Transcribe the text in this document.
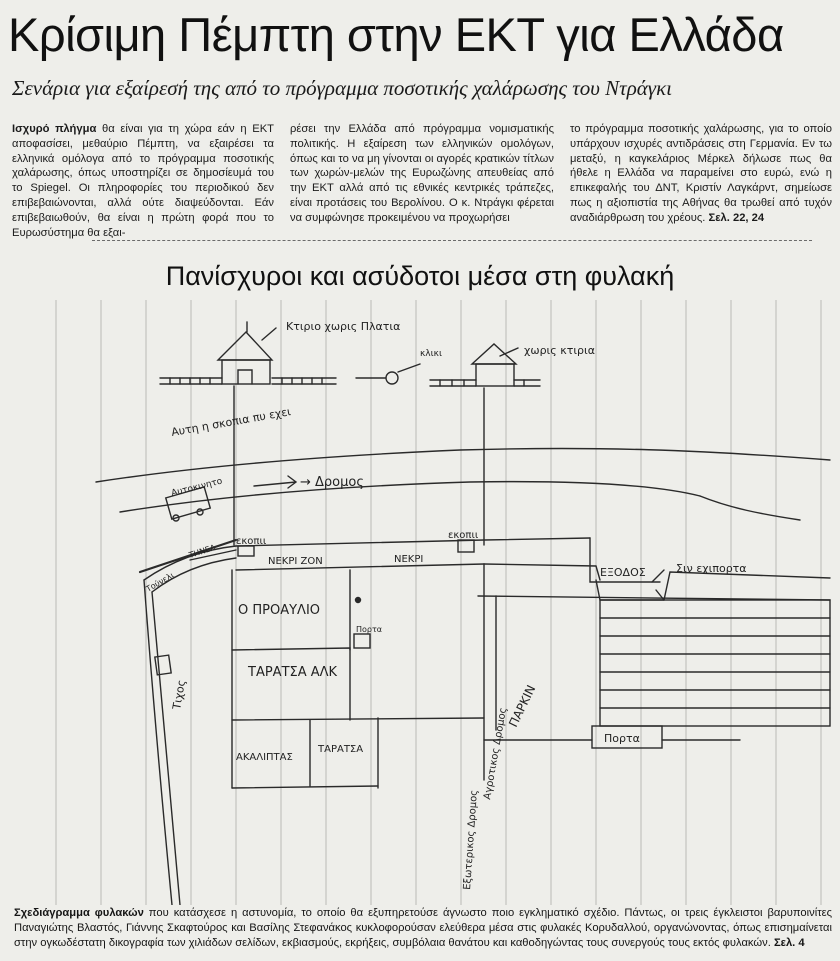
Κρίσιμη Πέμπτη στην ΕΚΤ για Ελλάδα
Σενάρια για εξαίρεσή της από το πρόγραμμα ποσοτικής χαλάρωσης του Ντράγκι
Ισχυρό πλήγμα θα είναι για τη χώρα εάν η ΕΚΤ αποφασίσει, μεθαύριο Πέμπτη, να εξαιρέσει τα ελληνικά ομόλογα από το πρόγραμμα ποσοτικής χαλάρωσης, όπως υποστηρίζει σε δημοσίευμά του το Spiegel. Οι πληροφορίες του περιοδικού δεν επιβεβαιώνονται, αλλά ούτε διαψεύδονται. Εάν επιβεβαιωθούν, θα είναι η πρώτη φορά που το Ευρωσύστημα θα εξαι-
ρέσει την Ελλάδα από πρόγραμμα νομισματικής πολιτικής. Η εξαίρεση των ελληνικών ομολόγων, όπως και το να μη γίνονται οι αγορές κρατικών τίτλων των χωρών-μελών της Ευρωζώνης απευθείας από την ΕΚΤ αλλά από τις εθνικές κεντρικές τράπεζες, είναι προτάσεις του Βερολίνου. Ο κ. Ντράγκι φέρεται να συμφώνησε προκειμένου να προχωρήσει
το πρόγραμμα ποσοτικής χαλάρωσης, για το οποίο υπάρχουν ισχυρές αντιδράσεις στη Γερμανία. Εν τω μεταξύ, η καγκελάριος Μέρκελ δήλωσε πως θα ήθελε η Ελλάδα να παραμείνει στο ευρώ, ενώ η επικεφαλής του ΔΝΤ, Κριστίν Λαγκάρντ, σημείωσε πως η αξιοπιστία της Αθήνας θα τρωθεί από τυχόν αναδιάρθρωση του χρέους. Σελ. 22, 24
Πανίσχυροι και ασύδοτοι μέσα στη φυλακή
Κτιριο χωρις Πλατια
χωρις κτιρια
κλικι
Αυτη η σκοπια πυ εχει
Αυτοκινητο	→ Δρομος
εκοπιι
εκοπιι
ΝΕΚΡΙ ΖΟΝ	ΝΕΚΡΙ
ΤΗΝΕΛ
Τούνελι
Ο ΠΡΟΑΥΛΙΟ
Πορτα
ΤΑΡΑΤΣΑ ΑΛΚ
ΑΚΑΛΙΠΤΑΣ
ΤΑΡΑΤΣΑ
Τιχος
ΕΞΟΔΟΣ	Σιν εχιπορτα
ΠΑΡΚΙΝ
Πορτα
Αγροτικος Δρομος
Εξωτερικος Δρομος
Σχεδιάγραμμα φυλακών που κατάσχεσε η αστυνομία, το οποίο θα εξυπηρετούσε άγνωστο ποιο εγκληματικό σχέδιο. Πάντως, οι τρεις έγκλειστοι βαρυποινίτες Παναγιώτης Βλαστός, Γιάννης Σκαφτούρος και Βασίλης Στεφανάκος κυκλοφορούσαν ελεύθερα μέσα στις φυλακές Κορυδαλλού, οργανώνοντας, όπως επισημαίνεται στην ογκωδέστατη δικογραφία των χιλιάδων σελίδων, εκβιασμούς, εκρήξεις, συμβόλαια θανάτου και καθοδηγώντας τους συνεργούς τους εκτός φυλακών. Σελ. 4
